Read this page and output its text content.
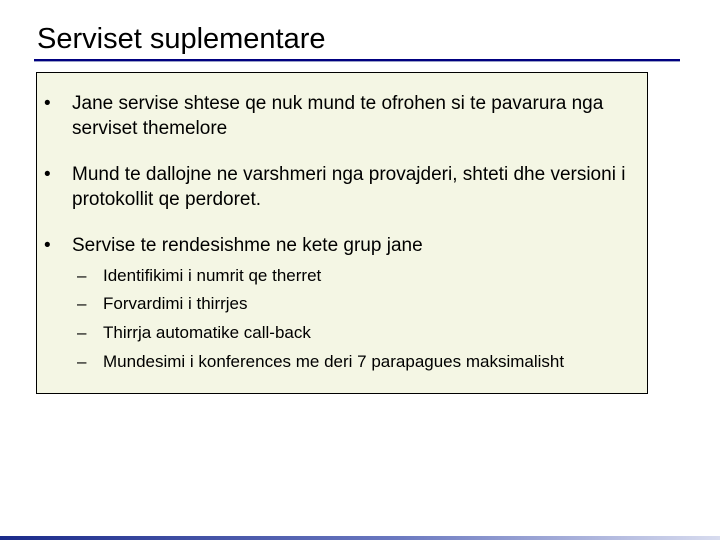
Serviset suplementare
• Jane servise shtese qe nuk mund te ofrohen si te pavarura nga serviset themelore
• Mund te dallojne ne varshmeri nga provajderi, shteti dhe versioni i protokollit qe perdoret.
• Servise te rendesishme ne kete grup jane
– Identifikimi i numrit qe therret
– Forvardimi i thirrjes
– Thirrja automatike call-back
– Mundesimi i konferences me deri 7 parapagues maksimalisht
